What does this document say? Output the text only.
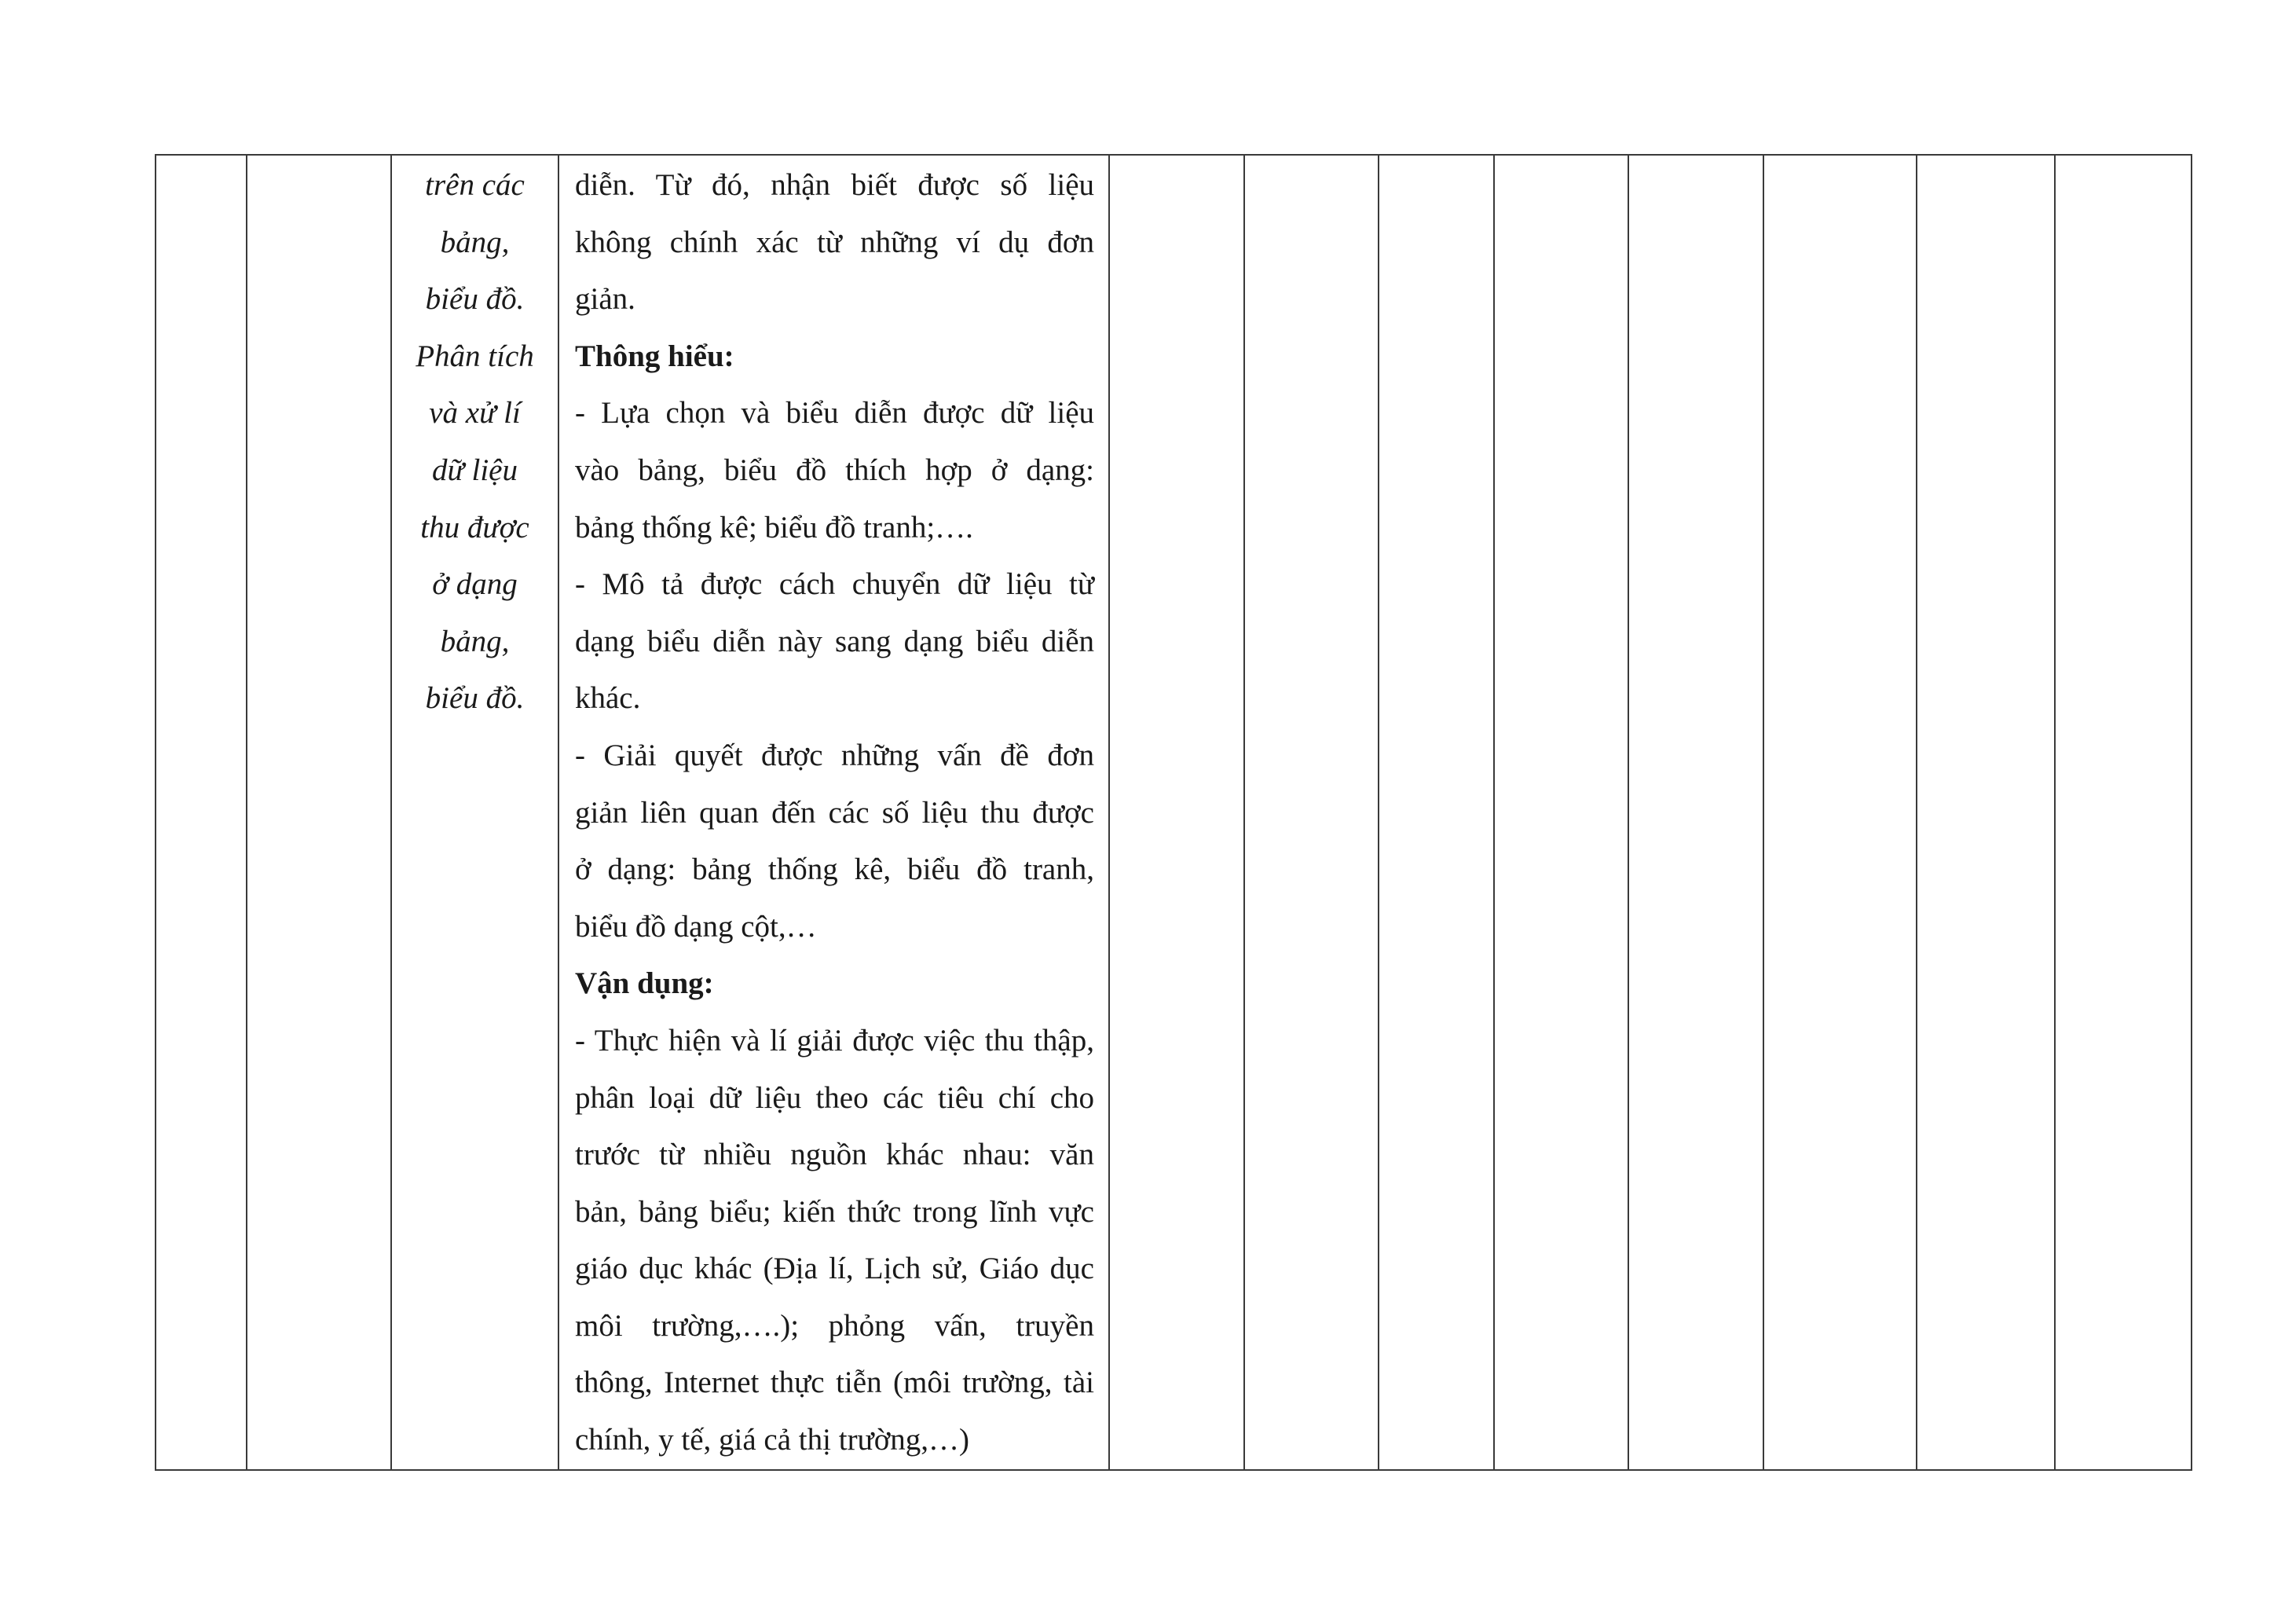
trên các
bảng,
biểu đồ.
Phân tích
và xử lí
dữ liệu
thu được
ở dạng
bảng,
biểu đồ.

diễn. Từ đó, nhận biết được số liệu
không chính xác từ những ví dụ đơn
giản.
Thông hiểu:
- Lựa chọn và biểu diễn được dữ liệu
vào bảng, biểu đồ thích hợp ở dạng:
bảng thống kê; biểu đồ tranh;….
- Mô tả được cách chuyển dữ liệu từ
dạng biểu diễn này sang dạng biểu diễn
khác.
- Giải quyết được những vấn đề đơn
giản liên quan đến các số liệu thu được
ở dạng: bảng thống kê, biểu đồ tranh,
biểu đồ dạng cột,…
Vận dụng:
- Thực hiện và lí giải được việc thu thập,
phân loại dữ liệu theo các tiêu chí cho
trước từ nhiều nguồn khác nhau: văn
bản, bảng biểu; kiến thức trong lĩnh vực
giáo dục khác (Địa lí, Lịch sử, Giáo dục
môi trường,….); phỏng vấn, truyền
thông, Internet thực tiễn (môi trường, tài
chính, y tế, giá cả thị trường,…)
